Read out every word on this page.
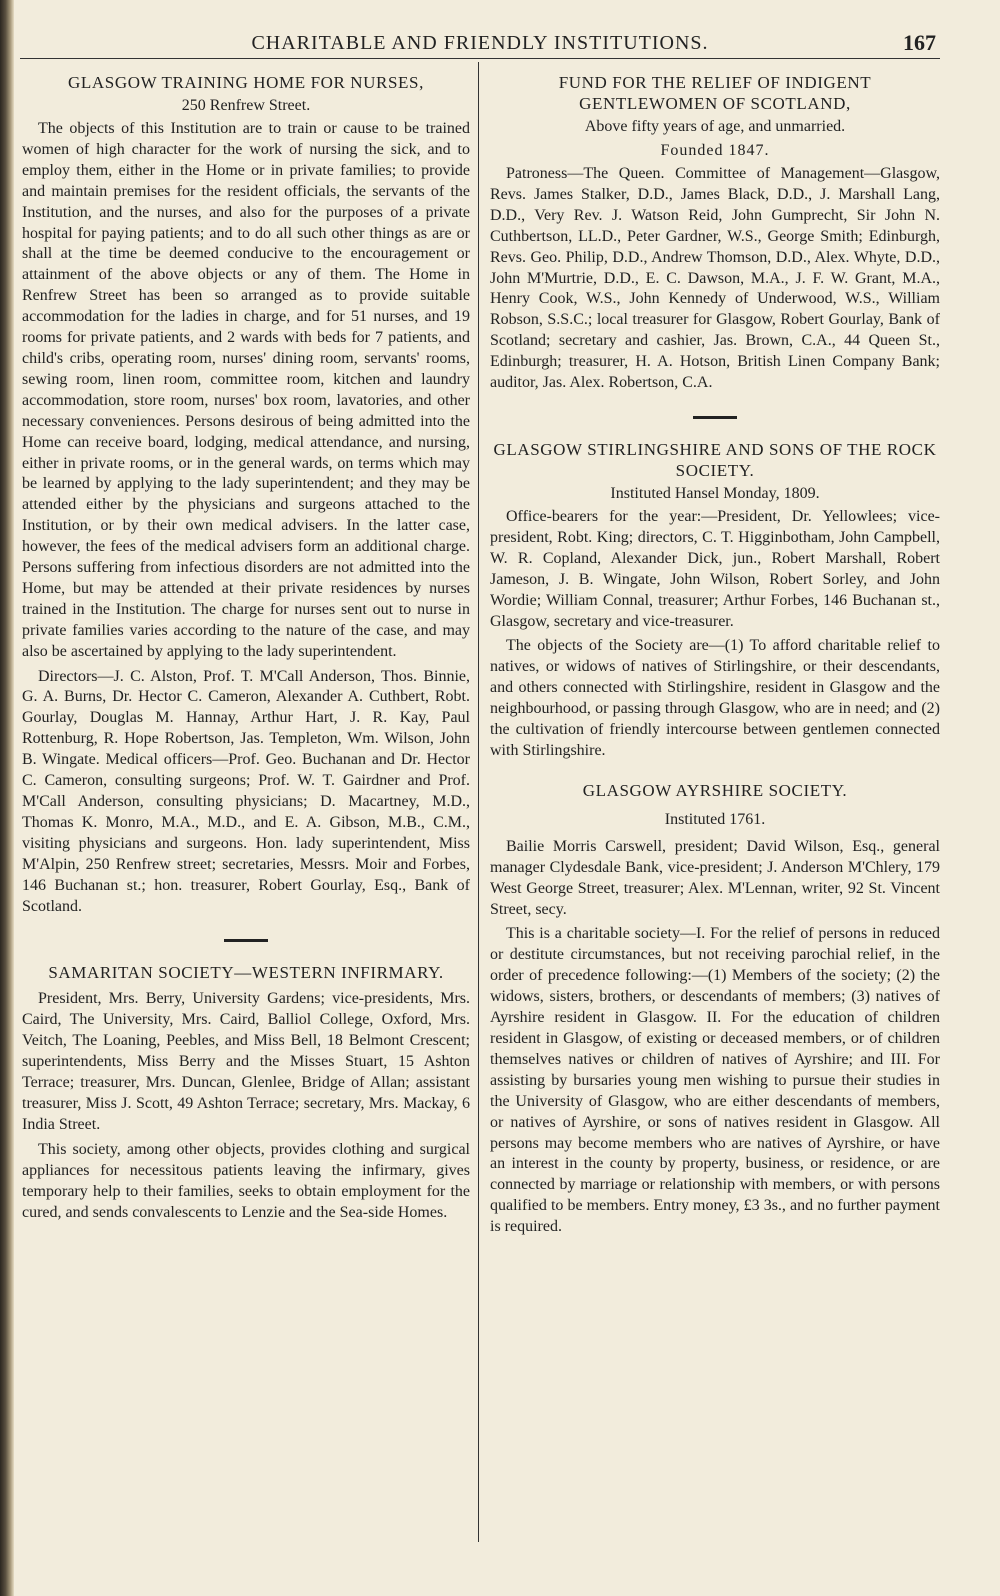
CHARITABLE AND FRIENDLY INSTITUTIONS.	167
GLASGOW TRAINING HOME FOR NURSES,
250 Renfrew Street.

The objects of this Institution are to train or cause to be trained women of high character for the work of nursing the sick, and to employ them, either in the Home or in private families; to provide and maintain premises for the resident officials, the servants of the Institution, and the nurses, and also for the purposes of a private hospital for paying patients; and to do all such other things as are or shall at the time be deemed conducive to the encouragement or attainment of the above objects or any of them. The Home in Renfrew Street has been so arranged as to provide suitable accommodation for the ladies in charge, and for 51 nurses, and 19 rooms for private patients, and 2 wards with beds for 7 patients, and child's cribs, operating room, nurses' dining room, servants' rooms, sewing room, linen room, committee room, kitchen and laundry accommodation, store room, nurses' box room, lavatories, and other necessary conveniences. Persons desirous of being admitted into the Home can receive board, lodging, medical attendance, and nursing, either in private rooms, or in the general wards, on terms which may be learned by applying to the lady superintendent; and they may be attended either by the physicians and surgeons attached to the Institution, or by their own medical advisers. In the latter case, however, the fees of the medical advisers form an additional charge. Persons suffering from infectious disorders are not admitted into the Home, but may be attended at their private residences by nurses trained in the Institution. The charge for nurses sent out to nurse in private families varies according to the nature of the case, and may also be ascertained by applying to the lady superintendent.

Directors—J. C. Alston, Prof. T. M'Call Anderson, Thos. Binnie, G. A. Burns, Dr. Hector C. Cameron, Alexander A. Cuthbert, Robt. Gourlay, Douglas M. Hannay, Arthur Hart, J. R. Kay, Paul Rottenburg, R. Hope Robertson, Jas. Templeton, Wm. Wilson, John B. Wingate. Medical officers—Prof. Geo. Buchanan and Dr. Hector C. Cameron, consulting surgeons; Prof. W. T. Gairdner and Prof. M'Call Anderson, consulting physicians; D. Macartney, M.D., Thomas K. Monro, M.A., M.D., and E. A. Gibson, M.B., C.M., visiting physicians and surgeons. Hon. lady superintendent, Miss M'Alpin, 250 Renfrew street; secretaries, Messrs. Moir and Forbes, 146 Buchanan st.; hon. treasurer, Robert Gourlay, Esq., Bank of Scotland.

SAMARITAN SOCIETY—WESTERN INFIRMARY.

President, Mrs. Berry, University Gardens; vice-presidents, Mrs. Caird, The University, Mrs. Caird, Balliol College, Oxford, Mrs. Veitch, The Loaning, Peebles, and Miss Bell, 18 Belmont Crescent; superintendents, Miss Berry and the Misses Stuart, 15 Ashton Terrace; treasurer, Mrs. Duncan, Glenlee, Bridge of Allan; assistant treasurer, Miss J. Scott, 49 Ashton Terrace; secretary, Mrs. Mackay, 6 India Street.

This society, among other objects, provides clothing and surgical appliances for necessitous patients leaving the infirmary, gives temporary help to their families, seeks to obtain employment for the cured, and sends convalescents to Lenzie and the Sea-side Homes.

FUND FOR THE RELIEF OF INDIGENT GENTLEWOMEN OF SCOTLAND,
Above fifty years of age, and unmarried.
Founded 1847.

Patroness—The Queen. Committee of Management—Glasgow, Revs. James Stalker, D.D., James Black, D.D., J. Marshall Lang, D.D., Very Rev. J. Watson Reid, John Gumprecht, Sir John N. Cuthbertson, LL.D., Peter Gardner, W.S., George Smith; Edinburgh, Revs. Geo. Philip, D.D., Andrew Thomson, D.D., Alex. Whyte, D.D., John M'Murtrie, D.D., E. C. Dawson, M.A., J. F. W. Grant, M.A., Henry Cook, W.S., John Kennedy of Underwood, W.S., William Robson, S.S.C.; local treasurer for Glasgow, Robert Gourlay, Bank of Scotland; secretary and cashier, Jas. Brown, C.A., 44 Queen St., Edinburgh; treasurer, H. A. Hotson, British Linen Company Bank; auditor, Jas. Alex. Robertson, C.A.

GLASGOW STIRLINGSHIRE AND SONS OF THE ROCK SOCIETY.
Instituted Hansel Monday, 1809.

Office-bearers for the year:—President, Dr. Yellowlees; vice-president, Robt. King; directors, C. T. Higginbotham, John Campbell, W. R. Copland, Alexander Dick, jun., Robert Marshall, Robert Jameson, J. B. Wingate, John Wilson, Robert Sorley, and John Wordie; William Connal, treasurer; Arthur Forbes, 146 Buchanan st., Glasgow, secretary and vice-treasurer.

The objects of the Society are—(1) To afford charitable relief to natives, or widows of natives of Stirlingshire, or their descendants, and others connected with Stirlingshire, resident in Glasgow and the neighbourhood, or passing through Glasgow, who are in need; and (2) the cultivation of friendly intercourse between gentlemen connected with Stirlingshire.

GLASGOW AYRSHIRE SOCIETY.
Instituted 1761.

Bailie Morris Carswell, president; David Wilson, Esq., general manager Clydesdale Bank, vice-president; J. Anderson M'Chlery, 179 West George Street, treasurer; Alex. M'Lennan, writer, 92 St. Vincent Street, secy.

This is a charitable society—I. For the relief of persons in reduced or destitute circumstances, but not receiving parochial relief, in the order of precedence following:—(1) Members of the society; (2) the widows, sisters, brothers, or descendants of members; (3) natives of Ayrshire resident in Glasgow. II. For the education of children resident in Glasgow, of existing or deceased members, or of children themselves natives or children of natives of Ayrshire; and III. For assisting by bursaries young men wishing to pursue their studies in the University of Glasgow, who are either descendants of members, or natives of Ayrshire, or sons of natives resident in Glasgow. All persons may become members who are natives of Ayrshire, or have an interest in the county by property, business, or residence, or are connected by marriage or relationship with members, or with persons qualified to be members. Entry money, £3 3s., and no further payment is required.
